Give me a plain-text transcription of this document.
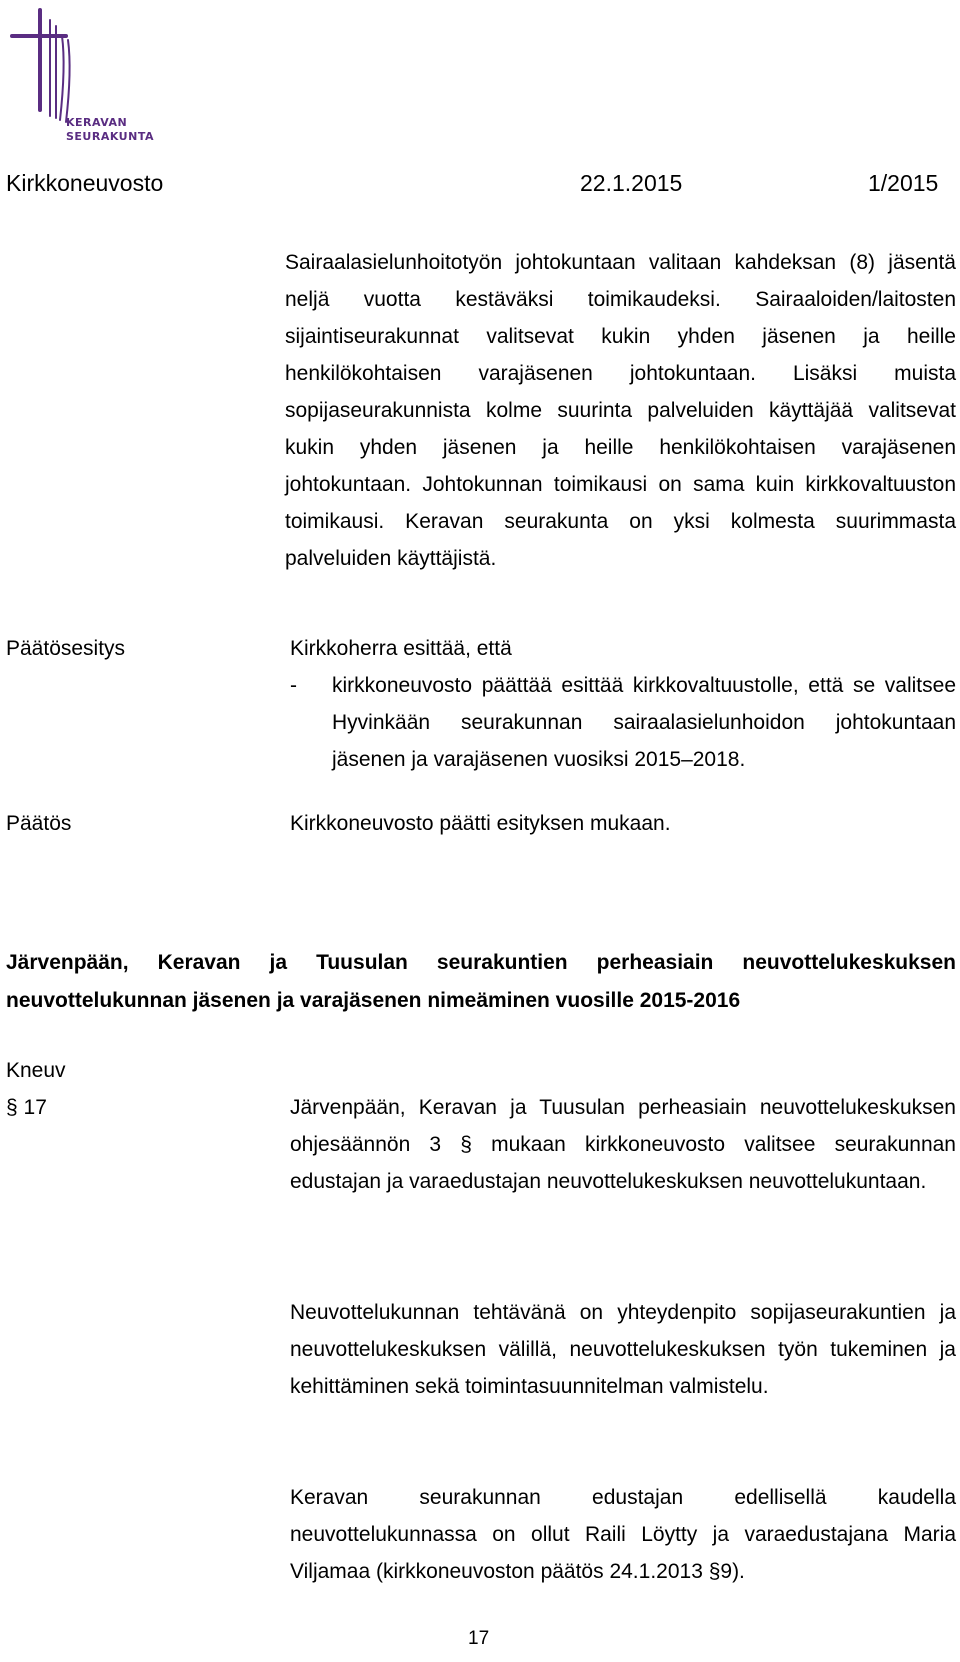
KERAVAN
SEURAKUNTA
Kirkkoneuvosto	22.1.2015	1/2015

Sairaalasielunhoitotyön johtokuntaan valitaan kahdeksan (8) jäsentä neljä vuotta kestäväksi toimikaudeksi. Sairaaloiden/laitosten sijaintiseurakunnat valitsevat kukin yhden jäsenen ja heille henkilökohtaisen varajäsenen johtokuntaan. Lisäksi muista sopijaseurakunnista kolme suurinta palveluiden käyttäjää valitsevat kukin yhden jäsenen ja heille henkilökohtaisen varajäsenen johtokuntaan. Johtokunnan toimikausi on sama kuin kirkkovaltuuston toimikausi. Keravan seurakunta on yksi kolmesta suurimmasta palveluiden käyttäjistä.

Päätösesitys	Kirkkoherra esittää, että
- kirkkoneuvosto päättää esittää kirkkovaltuustolle, että se valitsee Hyvinkään seurakunnan sairaalasielunhoidon johtokuntaan jäsenen ja varajäsenen vuosiksi 2015–2018.
Päätös	Kirkkoneuvosto päätti esityksen mukaan.
Järvenpään, Keravan ja Tuusulan seurakuntien perheasiain neuvottelukeskuksen neuvottelukunnan jäsenen ja varajäsenen nimeäminen vuosille 2015-2016
Kneuv
§ 17	Järvenpään, Keravan ja Tuusulan perheasiain neuvottelukeskuksen ohjesäännön 3 § mukaan kirkkoneuvosto valitsee seurakunnan edustajan ja varaedustajan neuvottelukeskuksen neuvottelukuntaan.
Neuvottelukunnan tehtävänä on yhteydenpito sopijaseurakuntien ja neuvottelukeskuksen välillä, neuvottelukeskuksen työn tukeminen ja kehittäminen sekä toimintasuunnitelman valmistelu.
Keravan seurakunnan edustajan edellisellä kaudella neuvottelukunnassa on ollut Raili Löytty ja varaedustajana Maria Viljamaa (kirkkoneuvoston päätös 24.1.2013 §9).
17
